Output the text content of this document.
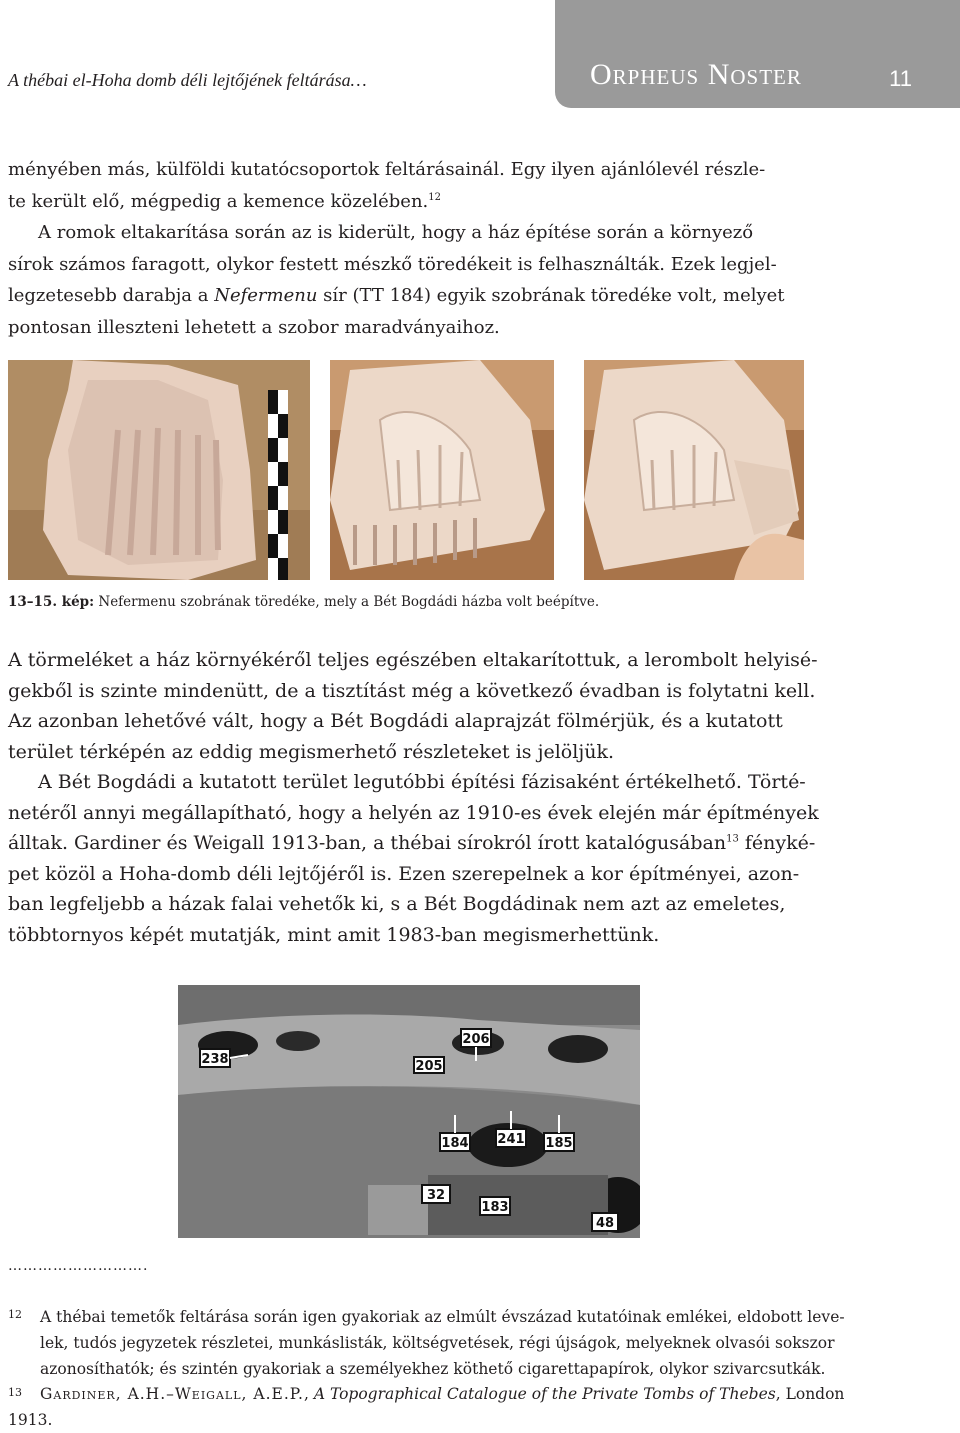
A thébai el-Hoha domb déli lejtőjének feltárása…	Orpheus Noster	11
ményében más, külföldi kutatócsoportok feltárásainál. Egy ilyen ajánlólevél részle-
te került elő, mégpedig a kemence közelében.$^{12}$
A romok eltakarítása során az is kiderült, hogy a ház építése során a környező
sírok számos faragott, olykor festett mészkő töredékeit is felhasználták. Ezek legjel-
legzetesebb darabja a Nefermenu sír (TT 184) egyik szobrának töredéke volt, melyet
pontosan illeszteni lehetett a szobor maradványaihoz.
13–15. kép: Nefermenu szobrának töredéke, mely a Bét Bogdádi házba volt beépítve.
A törmeléket a ház környékéről teljes egészében eltakarítottuk, a lerombolt helyisé-
gekből is szinte mindenütt, de a tisztítást még a következő évadban is folytatni kell.
Az azonban lehetővé vált, hogy a Bét Bogdádi alaprajzát fölmérjük, és a kutatott
terület térképén az eddig megismerhető részleteket is jelöljük.
A Bét Bogdádi a kutatott terület legutóbbi építési fázisaként értékelhető. Törté-
netéről annyi megállapítható, hogy a helyén az 1910-es évek elején már építmények
álltak. Gardiner és Weigall 1913-ban, a thébai sírokról írott katalógusában$^{13}$ fényké-
pet közöl a Hoha-domb déli lejtőjéről is. Ezen szerepelnek a kor építményei, azon-
ban legfeljebb a házak falai vehetők ki, s a Bét Bogdádinak nem azt az emeletes,
többtornyos képét mutatják, mint amit 1983-ban megismerhettünk.
238
206
205
184 241 185
32
183
48
……………………….
12 A thébai temetők feltárása során igen gyakoriak az elmúlt évszázad kutatóinak emlékei, eldobott leve-
lek, tudós jegyzetek részletei, munkáslisták, költségvetések, régi újságok, melyeknek olvasói sokszor
azonosíthatók; és szintén gyakoriak a személyekhez köthető cigarettapapírok, olykor szivarcsutkák.
13 Gardiner, A.H.–Weigall, A.E.P., A Topographical Catalogue of the Private Tombs of Thebes, London
1913.
